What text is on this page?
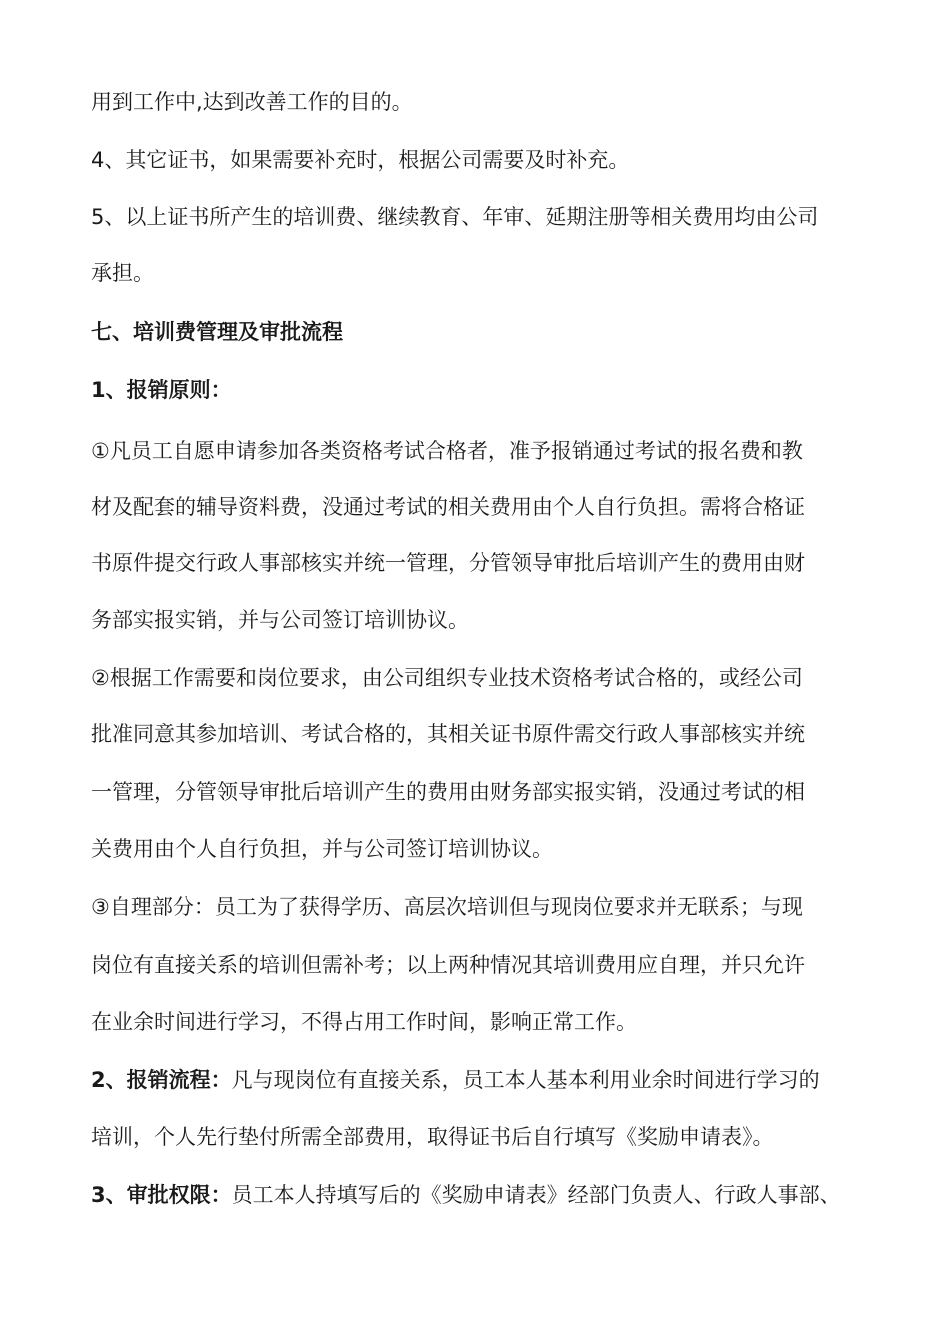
用到工作中,达到改善工作的目的。
4、其它证书，如果需要补充时，根据公司需要及时补充。
5、以上证书所产生的培训费、继续教育、年审、延期注册等相关费用均由公司
承担。
七、培训费管理及审批流程
1、报销原则：
①凡员工自愿申请参加各类资格考试合格者，准予报销通过考试的报名费和教
材及配套的辅导资料费，没通过考试的相关费用由个人自行负担。需将合格证
书原件提交行政人事部核实并统一管理，分管领导审批后培训产生的费用由财
务部实报实销，并与公司签订培训协议。
②根据工作需要和岗位要求，由公司组织专业技术资格考试合格的，或经公司
批准同意其参加培训、考试合格的，其相关证书原件需交行政人事部核实并统
一管理，分管领导审批后培训产生的费用由财务部实报实销，没通过考试的相
关费用由个人自行负担，并与公司签订培训协议。
③自理部分：员工为了获得学历、高层次培训但与现岗位要求并无联系；与现
岗位有直接关系的培训但需补考；以上两种情况其培训费用应自理，并只允许
在业余时间进行学习，不得占用工作时间，影响正常工作。
2、报销流程：凡与现岗位有直接关系，员工本人基本利用业余时间进行学习的
培训，个人先行垫付所需全部费用，取得证书后自行填写《奖励申请表》。
3、审批权限：员工本人持填写后的《奖励申请表》经部门负责人、行政人事部、
